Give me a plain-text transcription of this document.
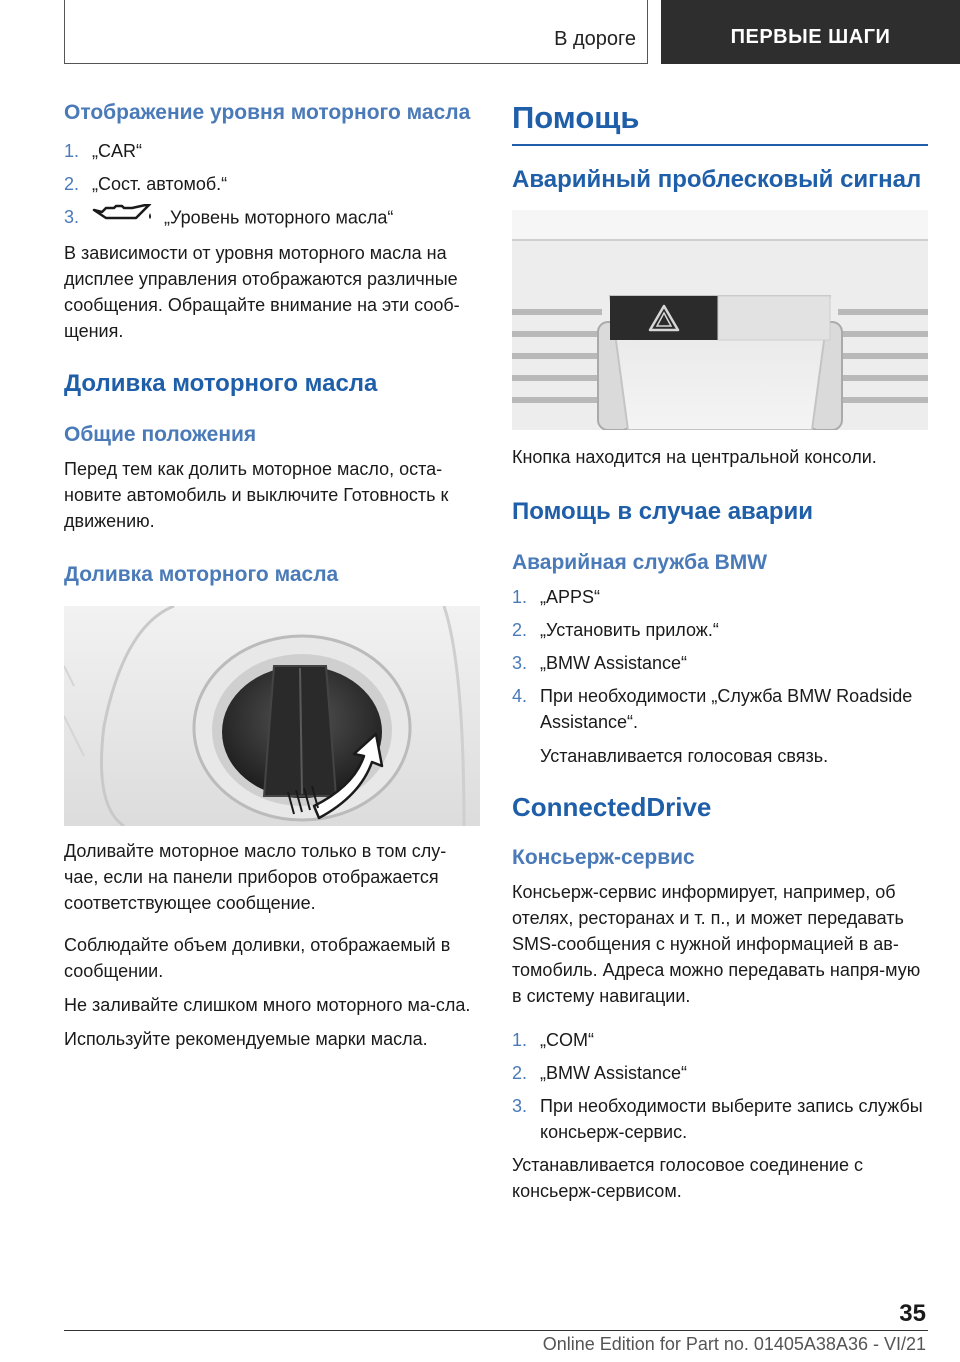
В дороге	ПЕРВЫЕ ШАГИ
Отображение уровня моторного масла
1. „CAR“
2. „Сост. автомоб.“
3.	„Уровень моторного масла“

В зависимости от уровня моторного масла на дисплее управления отображаются различные сообщения. Обращайте внимание на эти сооб‐щения.

Доливка моторного масла
Общие положения

Перед тем как долить моторное масло, оста‐новите автомобиль и выключите Готовность к движению.

Доливка моторного масла

Доливайте моторное масло только в том слу‐чае, если на панели приборов отображается соответствующее сообщение.

Соблюдайте объем доливки, отображаемый в сообщении.

Не заливайте слишком много моторного ма‐сла.

Используйте рекомендуемые марки масла.

Помощь
Аварийный проблесковый сигнал

Кнопка находится на центральной консоли.

Помощь в случае аварии
Аварийная служба BMW
1. „APPS“
2. „Установить прилож.“
3. „BMW Assistance“
4. При необходимости „Служба BMW Roadside Assistance“.
Устанавливается голосовая связь.
ConnectedDrive
Консьерж-сервис

Консьерж-сервис информирует, например, об отелях, ресторанах и т. п., и может передавать SMS-сообщения с нужной информацией в ав‐томобиль. Адреса можно передавать напря‐мую в систему навигации.

1. „COM“
2. „BMW Assistance“
3. При необходимости выберите запись службы консьерж-сервис.

Устанавливается голосовое соединение с консьерж-сервисом.

35
Online Edition for Part no. 01405A38A36 - VI/21
